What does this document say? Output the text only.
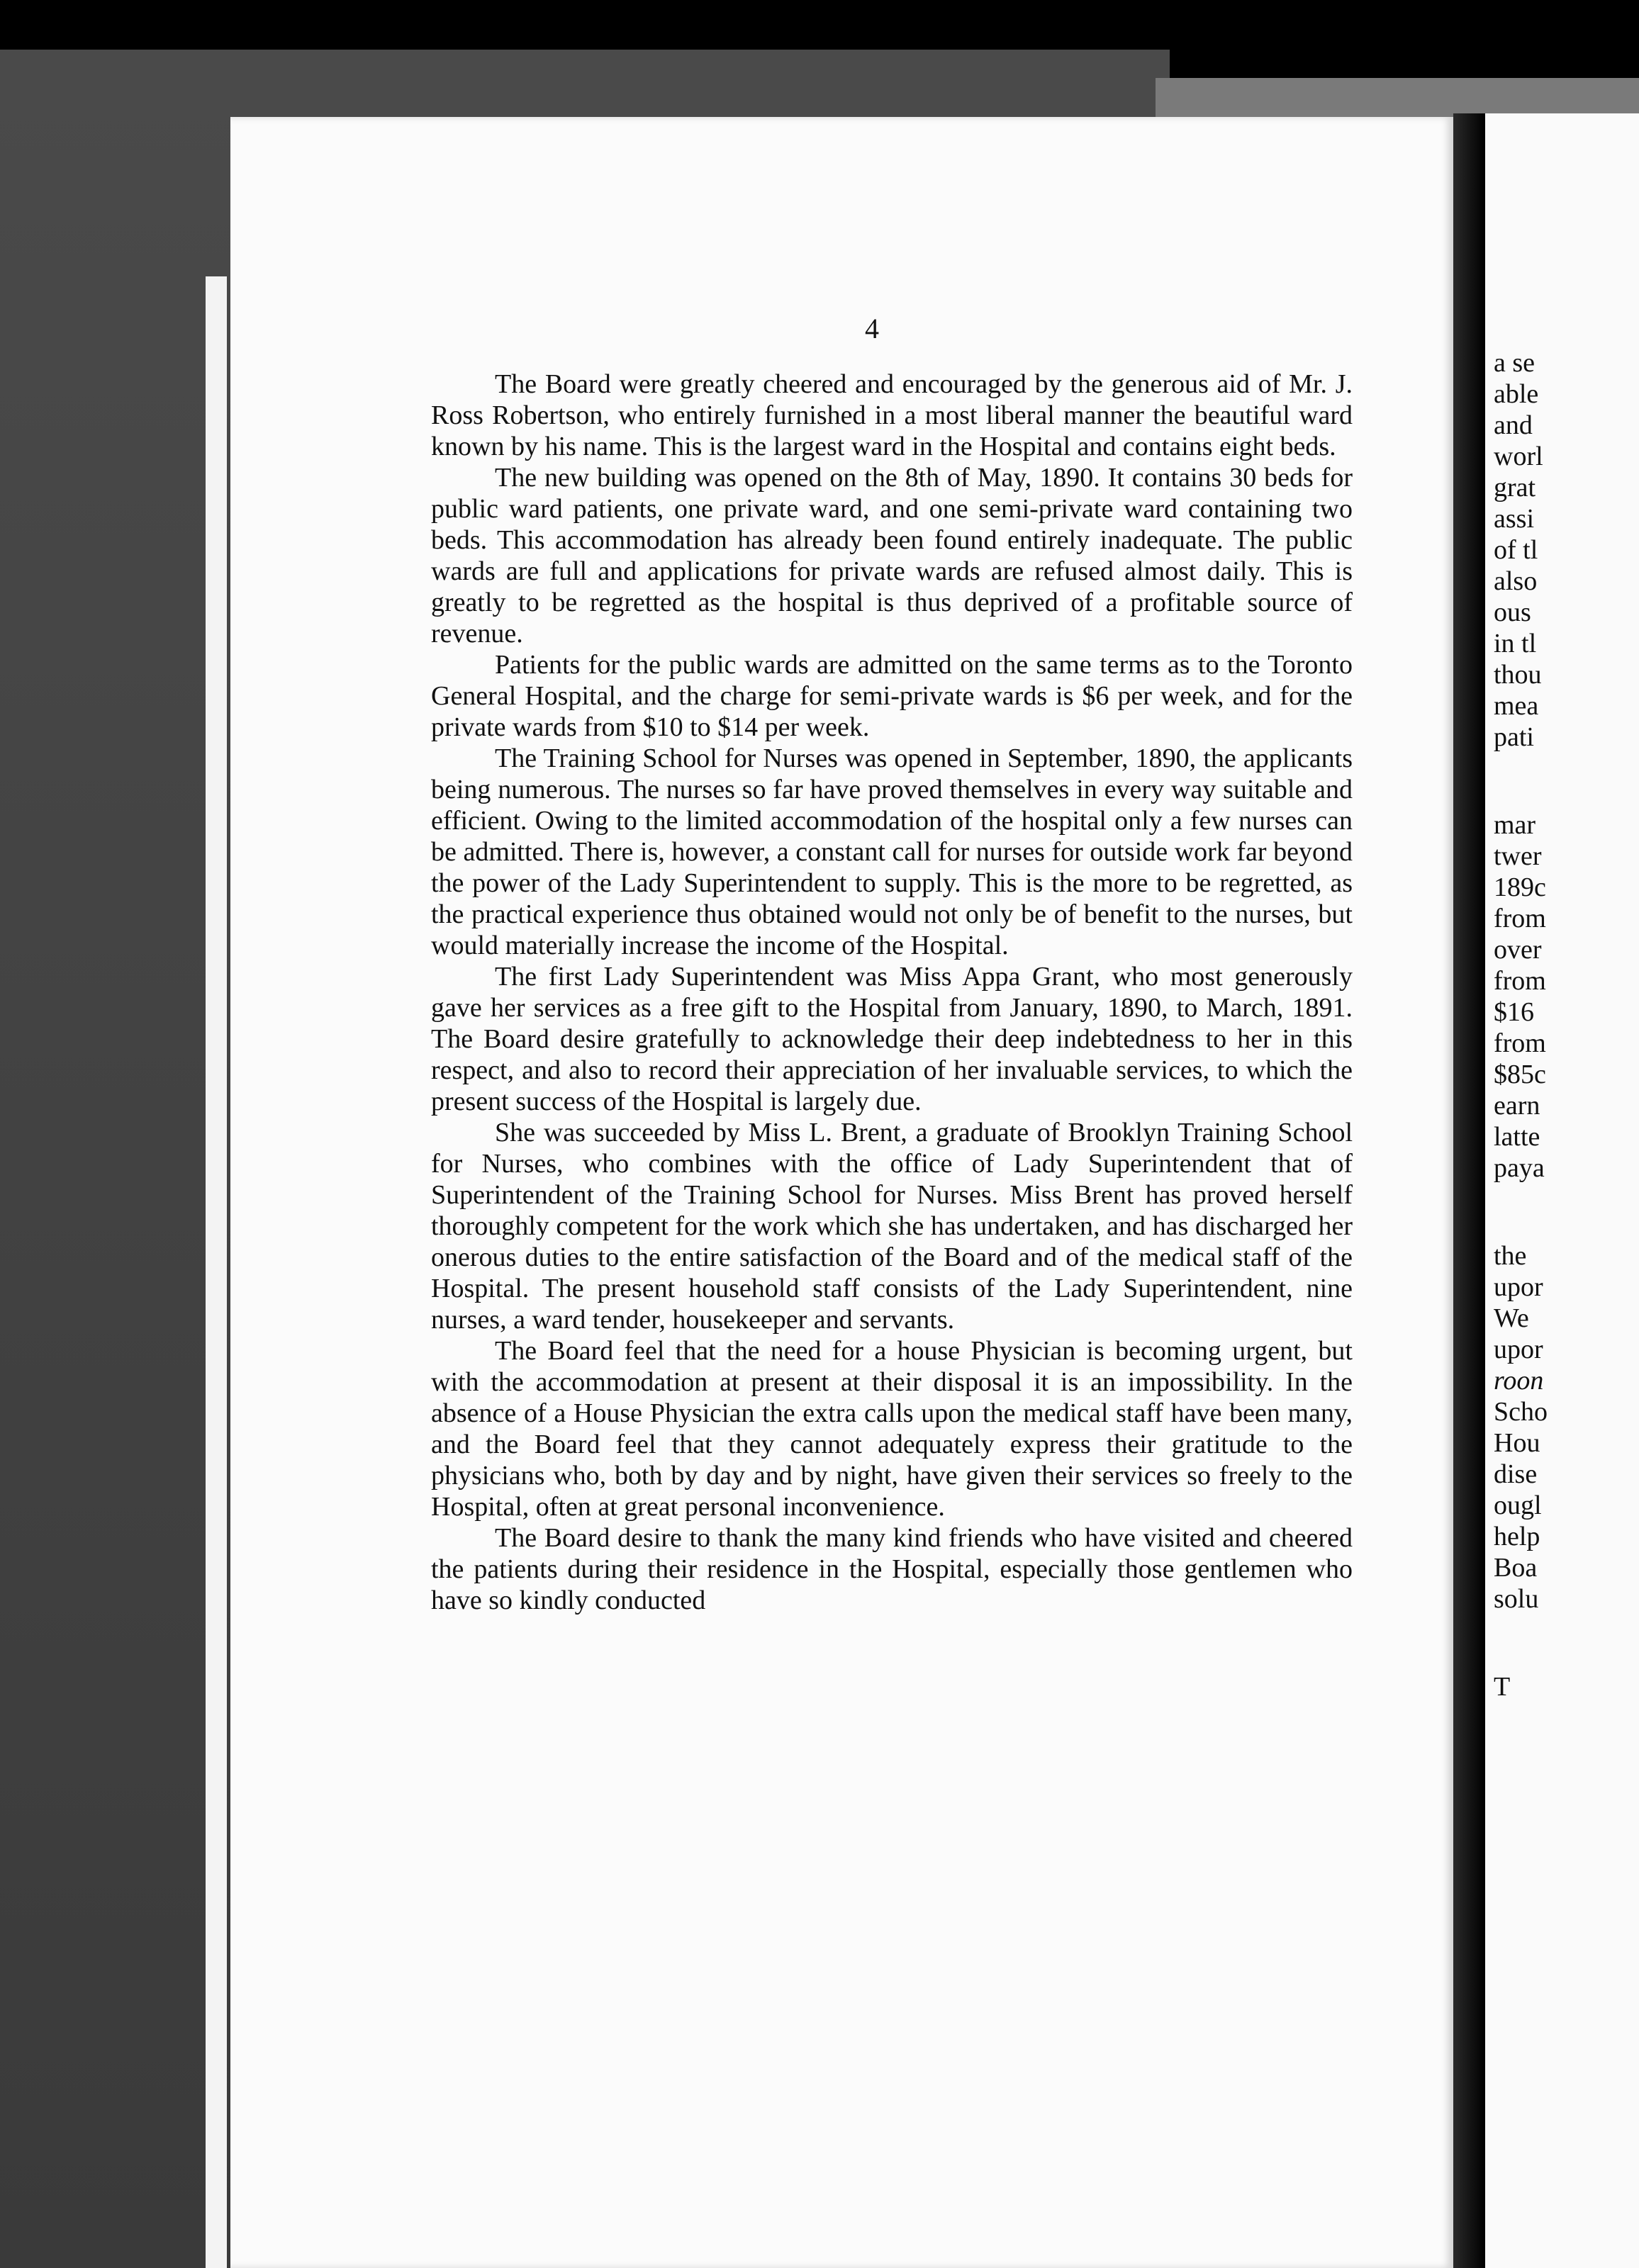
a se
able
and
worl
grat
assi
of tl
also
ous
in tl
thou
mea
pati
mar
twer
189c
from
over
from
$16
from
$85c
earn
latte
paya
the
upor
We
upor
roon
Scho
Hou
dise
ougl
help
Boa
solu
T
4

The Board were greatly cheered and encouraged by the generous aid of Mr. J. Ross Robertson, who entirely furnished in a most liberal manner the beautiful ward known by his name. This is the largest ward in the Hospital and contains eight beds.

The new building was opened on the 8th of May, 1890. It contains 30 beds for public ward patients, one private ward, and one semi-private ward containing two beds. This accommodation has already been found entirely inadequate. The public wards are full and applications for private wards are refused almost daily. This is greatly to be regretted as the hospital is thus deprived of a profitable source of revenue.

Patients for the public wards are admitted on the same terms as to the Toronto General Hospital, and the charge for semi-private wards is $6 per week, and for the private wards from $10 to $14 per week.

The Training School for Nurses was opened in September, 1890, the applicants being numerous. The nurses so far have proved themselves in every way suitable and efficient. Owing to the limited accommodation of the hospital only a few nurses can be admitted. There is, however, a constant call for nurses for outside work far beyond the power of the Lady Superintendent to supply. This is the more to be regretted, as the practical experience thus obtained would not only be of benefit to the nurses, but would materially increase the income of the Hospital.

The first Lady Superintendent was Miss Appa Grant, who most generously gave her services as a free gift to the Hospital from January, 1890, to March, 1891. The Board desire gratefully to acknowledge their deep indebtedness to her in this respect, and also to record their appreciation of her invaluable services, to which the present success of the Hospital is largely due.

She was succeeded by Miss L. Brent, a graduate of Brooklyn Training School for Nurses, who combines with the office of Lady Superintendent that of Superintendent of the Training School for Nurses. Miss Brent has proved herself thoroughly competent for the work which she has undertaken, and has discharged her onerous duties to the entire satisfaction of the Board and of the medical staff of the Hospital. The present household staff consists of the Lady Superintendent, nine nurses, a ward tender, housekeeper and servants.

The Board feel that the need for a house Physician is becoming urgent, but with the accommodation at present at their disposal it is an impossibility. In the absence of a House Physician the extra calls upon the medical staff have been many, and the Board feel that they cannot adequately express their gratitude to the physicians who, both by day and by night, have given their services so freely to the Hospital, often at great personal inconvenience.

The Board desire to thank the many kind friends who have visited and cheered the patients during their residence in the Hospital, especially those gentlemen who have so kindly conducted
